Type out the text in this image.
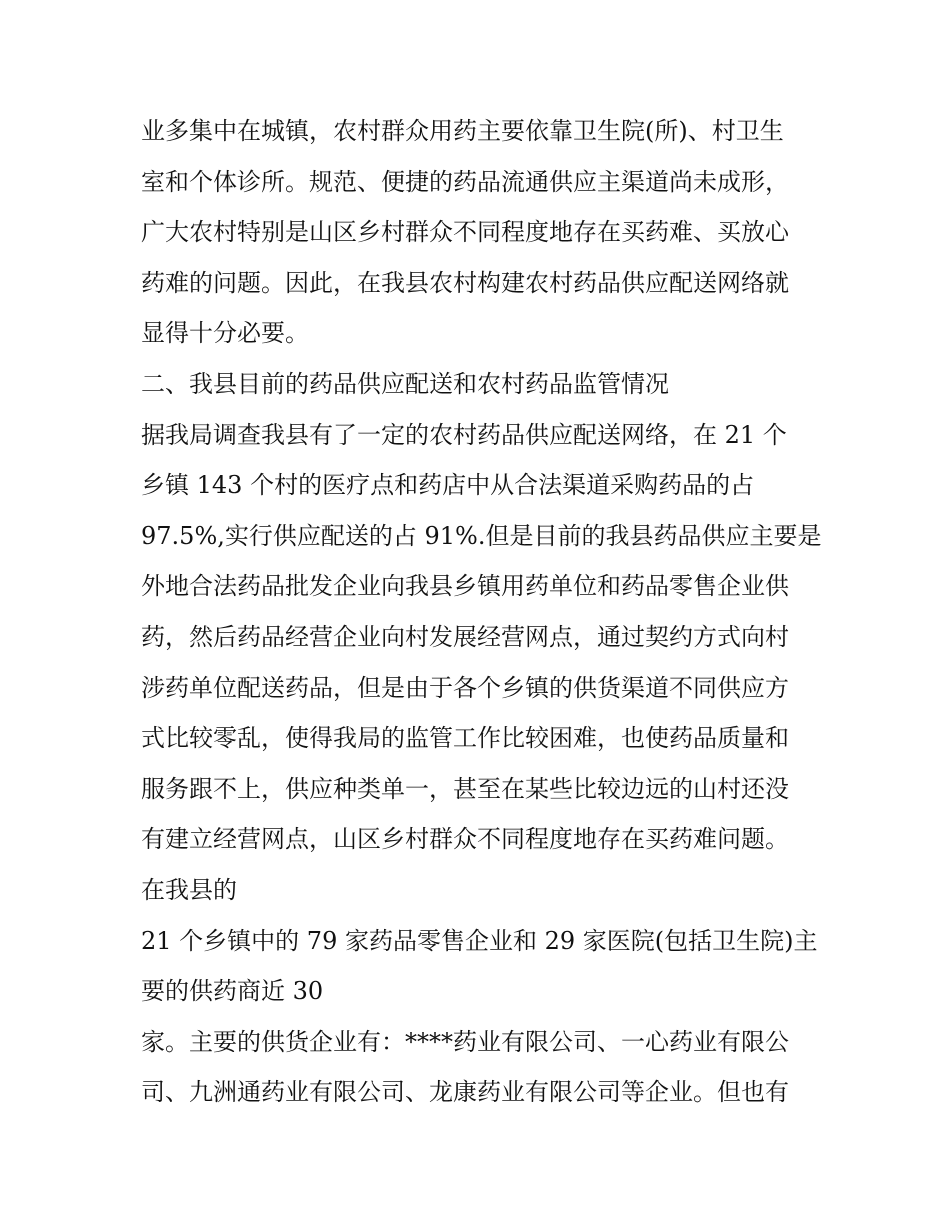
业多集中在城镇，农村群众用药主要依靠卫生院(所)、村卫生
室和个体诊所。规范、便捷的药品流通供应主渠道尚未成形，
广大农村特别是山区乡村群众不同程度地存在买药难、买放心
药难的问题。因此，在我县农村构建农村药品供应配送网络就
显得十分必要。
二、我县目前的药品供应配送和农村药品监管情况
据我局调查我县有了一定的农村药品供应配送网络，在 21 个
乡镇 143 个村的医疗点和药店中从合法渠道采购药品的占
97.5%,实行供应配送的占 91%.但是目前的我县药品供应主要是
外地合法药品批发企业向我县乡镇用药单位和药品零售企业供
药，然后药品经营企业向村发展经营网点，通过契约方式向村
涉药单位配送药品，但是由于各个乡镇的供货渠道不同供应方
式比较零乱，使得我局的监管工作比较困难，也使药品质量和
服务跟不上，供应种类单一，甚至在某些比较边远的山村还没
有建立经营网点，山区乡村群众不同程度地存在买药难问题。
在我县的
21 个乡镇中的 79 家药品零售企业和 29 家医院(包括卫生院)主
要的供药商近 30
家。主要的供货企业有：****药业有限公司、一心药业有限公
司、九洲通药业有限公司、龙康药业有限公司等企业。但也有
